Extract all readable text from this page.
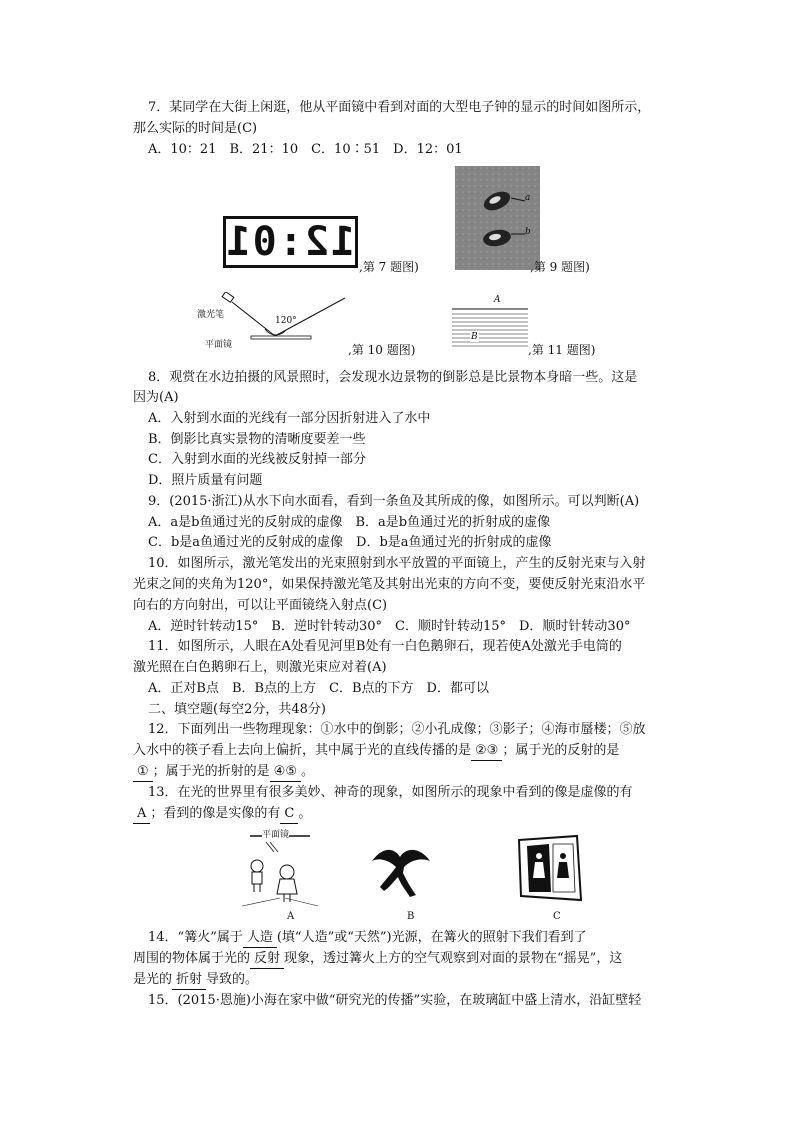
7．某同学在大街上闲逛，他从平面镜中看到对面的大型电子钟的显示的时间如图所示，
那么实际的时间是(C)
A．10：21　B．21：10　C．10∶51　D．12：01
12:01
,第 7 题图)
a
b
,第 9 题图)
激光笔
120°
平面镜	,第 10 题图)
A
B
,第 11 题图)
8．观赏在水边拍摄的风景照时，会发现水边景物的倒影总是比景物本身暗一些。这是
因为(A)
A．入射到水面的光线有一部分因折射进入了水中
B．倒影比真实景物的清晰度要差一些
C．入射到水面的光线被反射掉一部分
D．照片质量有问题
9．(2015·浙江)从水下向水面看，看到一条鱼及其所成的像，如图所示。可以判断(A)
A．a是b鱼通过光的反射成的虚像　B．a是b鱼通过光的折射成的虚像
C．b是a鱼通过光的反射成的虚像　D．b是a鱼通过光的折射成的虚像
10．如图所示，激光笔发出的光束照射到水平放置的平面镜上，产生的反射光束与入射
光束之间的夹角为120°，如果保持激光笔及其射出光束的方向不变，要使反射光束沿水平
向右的方向射出，可以让平面镜绕入射点(C)
A．逆时针转动15°　B．逆时针转动30°　C．顺时针转动15°　D．顺时针转动30°
11．如图所示，人眼在A处看见河里B处有一白色鹅卵石，现若使A处激光手电筒的
激光照在白色鹅卵石上，则激光束应对着(A)
A．正对B点　B．B点的上方　C．B点的下方　D．都可以
二、填空题(每空2分，共48分)
12．下面列出一些物理现象：①水中的倒影；②小孔成像；③影子；④海市蜃楼；⑤放
入水中的筷子看上去向上偏折，其中属于光的直线传播的是 ②③ ；属于光的反射的是
① ；属于光的折射的是 ④⑤ 。
13．在光的世界里有很多美妙、神奇的现象，如图所示的现象中看到的像是虚像的有
A ；看到的像是实像的有 C 。
平面镜
A	B	C
14．“篝火”属于 人造 (填“人造”或“天然”)光源，在篝火的照射下我们看到了
周围的物体属于光的 反射 现象，透过篝火上方的空气观察到对面的景物在“摇晃”，这
是光的 折射 导致的。
15．(2015·恩施)小海在家中做“研究光的传播”实验，在玻璃缸中盛上清水，沿缸壁轻
